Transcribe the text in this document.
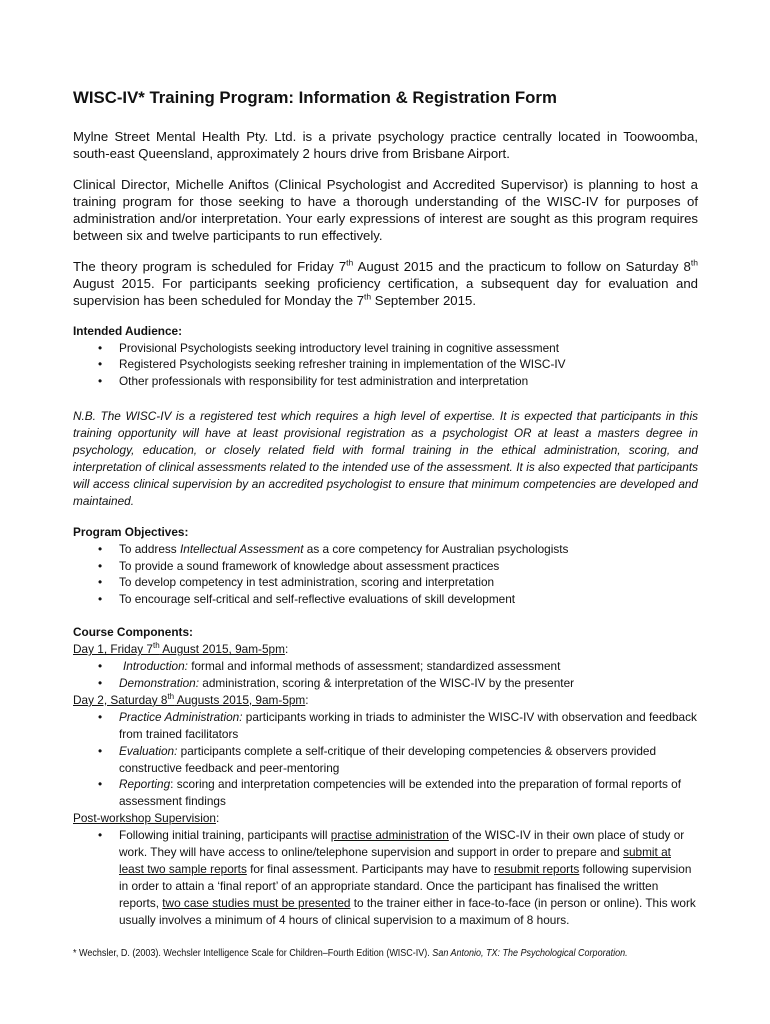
WISC-IV* Training Program: Information & Registration Form

Mylne Street Mental Health Pty. Ltd. is a private psychology practice centrally located in Toowoomba, south-east Queensland, approximately 2 hours drive from Brisbane Airport.

Clinical Director, Michelle Aniftos (Clinical Psychologist and Accredited Supervisor) is planning to host a training program for those seeking to have a thorough understanding of the WISC-IV for purposes of administration and/or interpretation. Your early expressions of interest are sought as this program requires between six and twelve participants to run effectively.

The theory program is scheduled for Friday 7th August 2015 and the practicum to follow on Saturday 8th August 2015. For participants seeking proficiency certification, a subsequent day for evaluation and supervision has been scheduled for Monday the 7th September 2015.

Intended Audience:

• Provisional Psychologists seeking introductory level training in cognitive assessment
• Registered Psychologists seeking refresher training in implementation of the WISC-IV
• Other professionals with responsibility for test administration and interpretation

N.B. The WISC-IV is a registered test which requires a high level of expertise. It is expected that participants in this training opportunity will have at least provisional registration as a psychologist OR at least a masters degree in psychology, education, or closely related field with formal training in the ethical administration, scoring, and interpretation of clinical assessments related to the intended use of the assessment. It is also expected that participants will access clinical supervision by an accredited psychologist to ensure that minimum competencies are developed and maintained.

Program Objectives:

• To address Intellectual Assessment as a core competency for Australian psychologists
• To provide a sound framework of knowledge about assessment practices
• To develop competency in test administration, scoring and interpretation
• To encourage self-critical and self-reflective evaluations of skill development

Course Components:

Day 1, Friday 7th August 2015, 9am-5pm:

• Introduction: formal and informal methods of assessment; standardized assessment
• Demonstration: administration, scoring & interpretation of the WISC-IV by the presenter

Day 2, Saturday 8th Augusts 2015, 9am-5pm:

• Practice Administration: participants working in triads to administer the WISC-IV with observation and feedback from trained facilitators
• Evaluation: participants complete a self-critique of their developing competencies & observers provided constructive feedback and peer-mentoring
• Reporting: scoring and interpretation competencies will be extended into the preparation of formal reports of assessment findings

Post-workshop Supervision:

• Following initial training, participants will practise administration of the WISC-IV in their own place of study or work. They will have access to online/telephone supervision and support in order to prepare and submit at least two sample reports for final assessment. Participants may have to resubmit reports following supervision in order to attain a ‘final report’ of an appropriate standard. Once the participant has finalised the written reports, two case studies must be presented to the trainer either in face-to-face (in person or online). This work usually involves a minimum of 4 hours of clinical supervision to a maximum of 8 hours.
* Wechsler, D. (2003). Wechsler Intelligence Scale for Children–Fourth Edition (WISC-IV). San Antonio, TX: The Psychological Corporation.
